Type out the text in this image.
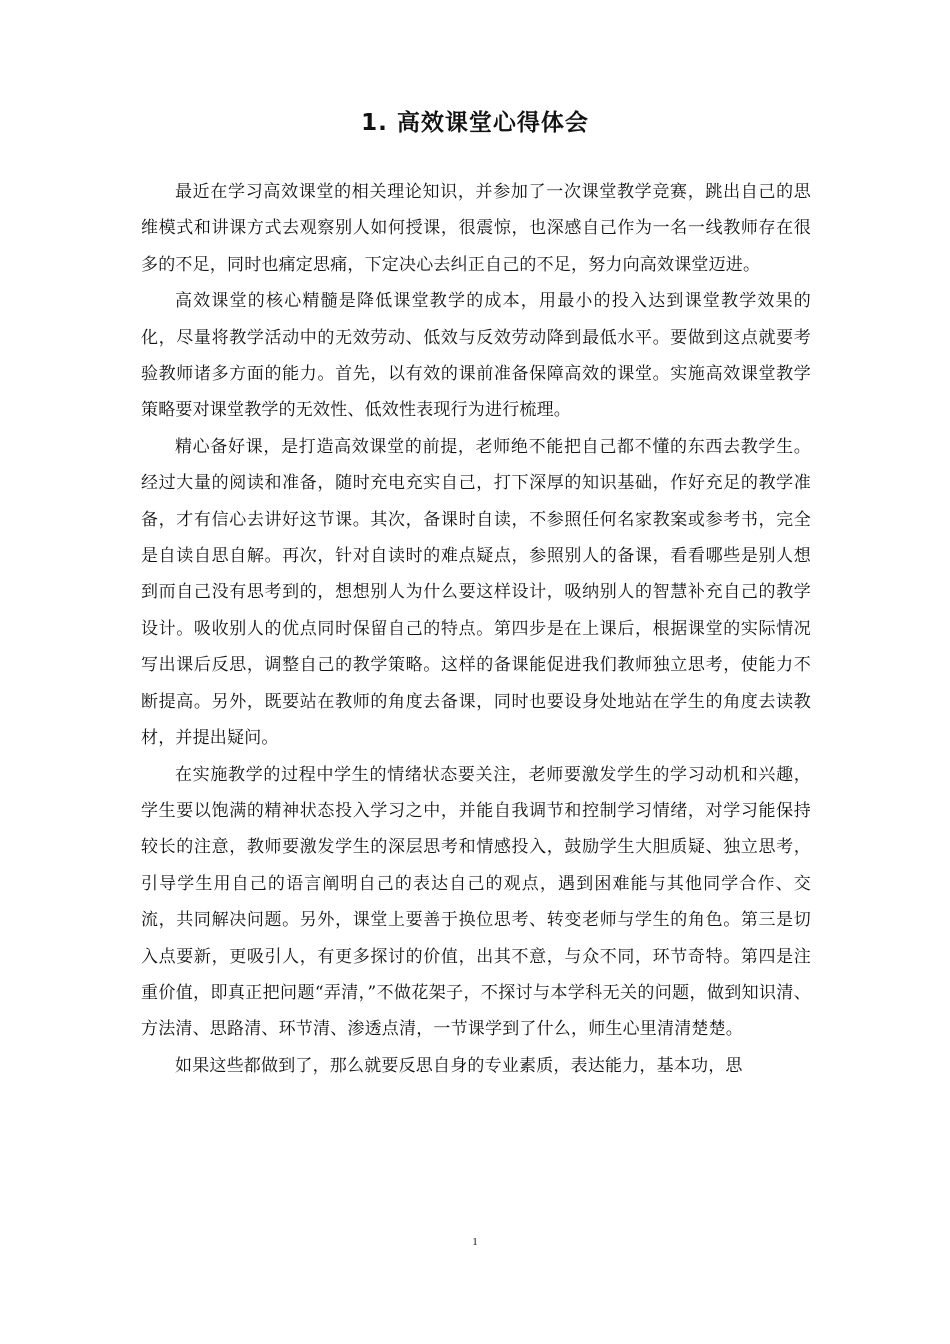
1. 高效课堂心得体会

最近在学习高效课堂的相关理论知识，并参加了一次课堂教学竞赛，跳出自己的思维模式和讲课方式去观察别人如何授课，很震惊，也深感自己作为一名一线教师存在很多的不足，同时也痛定思痛，下定决心去纠正自己的不足，努力向高效课堂迈进。

高效课堂的核心精髓是降低课堂教学的成本，用最小的投入达到课堂教学效果的化，尽量将教学活动中的无效劳动、低效与反效劳动降到最低水平。要做到这点就要考验教师诸多方面的能力。首先，以有效的课前准备保障高效的课堂。实施高效课堂教学策略要对课堂教学的无效性、低效性表现行为进行梳理。

精心备好课，是打造高效课堂的前提，老师绝不能把自己都不懂的东西去教学生。经过大量的阅读和准备，随时充电充实自己，打下深厚的知识基础，作好充足的教学准备，才有信心去讲好这节课。其次，备课时自读，不参照任何名家教案或参考书，完全是自读自思自解。再次，针对自读时的难点疑点，参照别人的备课，看看哪些是别人想到而自己没有思考到的，想想别人为什么要这样设计，吸纳别人的智慧补充自己的教学设计。吸收别人的优点同时保留自己的特点。第四步是在上课后，根据课堂的实际情况写出课后反思，调整自己的教学策略。这样的备课能促进我们教师独立思考，使能力不断提高。另外，既要站在教师的角度去备课，同时也要设身处地站在学生的角度去读教材，并提出疑问。

在实施教学的过程中学生的情绪状态要关注，老师要激发学生的学习动机和兴趣，学生要以饱满的精神状态投入学习之中，并能自我调节和控制学习情绪，对学习能保持较长的注意，教师要激发学生的深层思考和情感投入，鼓励学生大胆质疑、独立思考，引导学生用自己的语言阐明自己的表达自己的观点，遇到困难能与其他同学合作、交流，共同解决问题。另外，课堂上要善于换位思考、转变老师与学生的角色。第三是切入点要新，更吸引人，有更多探讨的价值，出其不意，与众不同，环节奇特。第四是注重价值，即真正把问题“弄清，”不做花架子，不探讨与本学科无关的问题，做到知识清、方法清、思路清、环节清、渗透点清，一节课学到了什么，师生心里清清楚楚。

如果这些都做到了，那么就要反思自身的专业素质，表达能力，基本功，思

1
